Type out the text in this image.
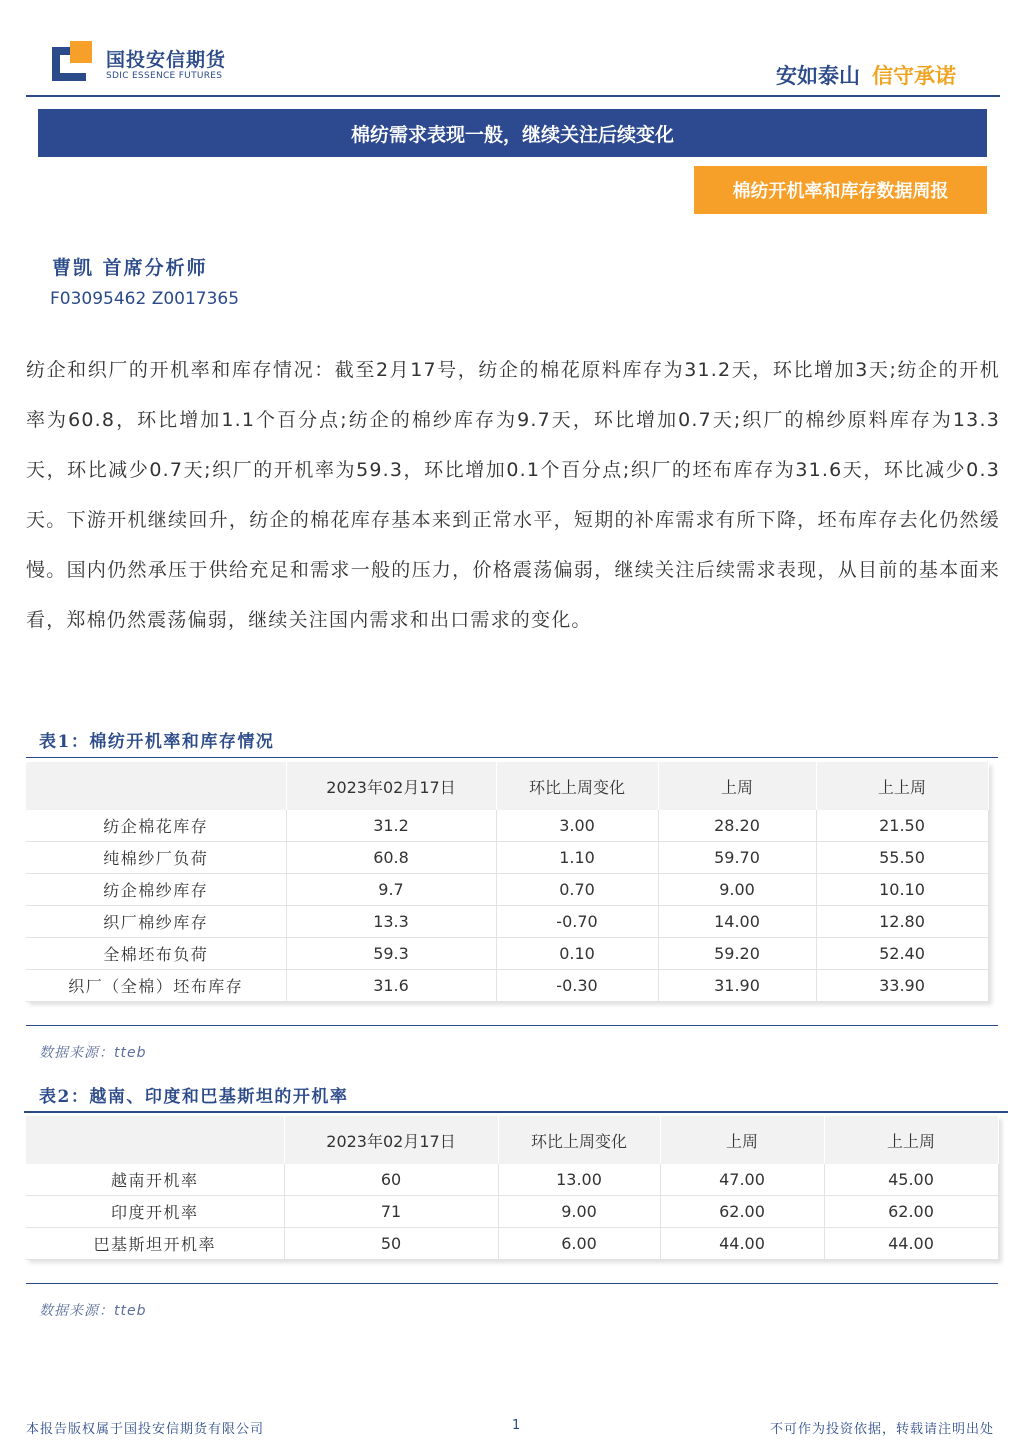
国投安信期货
SDIC ESSENCE FUTURES	安如泰山 信守承诺
棉纺需求表现一般，继续关注后续变化
棉纺开机率和库存数据周报
曹凯 首席分析师
F03095462 Z0017365

纺企和织厂的开机率和库存情况：截至2月17号，纺企的棉花原料库存为31.2天，环比增加3天;纺企的开机率为60.8，环比增加1.1个百分点;纺企的棉纱库存为9.7天，环比增加0.7天;织厂的棉纱原料库存为13.3天，环比减少0.7天;织厂的开机率为59.3，环比增加0.1个百分点;织厂的坯布库存为31.6天，环比减少0.3天。下游开机继续回升，纺企的棉花库存基本来到正常水平，短期的补库需求有所下降，坯布库存去化仍然缓慢。国内仍然承压于供给充足和需求一般的压力，价格震荡偏弱，继续关注后续需求表现，从目前的基本面来看，郑棉仍然震荡偏弱，继续关注国内需求和出口需求的变化。

表1：棉纺开机率和库存情况
	2023年02月17日	环比上周变化	上周	上上周
纺企棉花库存	31.2	3.00	28.20	21.50
纯棉纱厂负荷	60.8	1.10	59.70	55.50
纺企棉纱库存	9.7	0.70	9.00	10.10
织厂棉纱库存	13.3	-0.70	14.00	12.80
全棉坯布负荷	59.3	0.10	59.20	52.40
织厂（全棉）坯布库存	31.6	-0.30	31.90	33.90
数据来源：tteb
表2：越南、印度和巴基斯坦的开机率
	2023年02月17日	环比上周变化	上周	上上周
越南开机率	60	13.00	47.00	45.00
印度开机率	71	9.00	62.00	62.00
巴基斯坦开机率	50	6.00	44.00	44.00
数据来源：tteb
本报告版权属于国投安信期货有限公司	1	不可作为投资依据，转载请注明出处
